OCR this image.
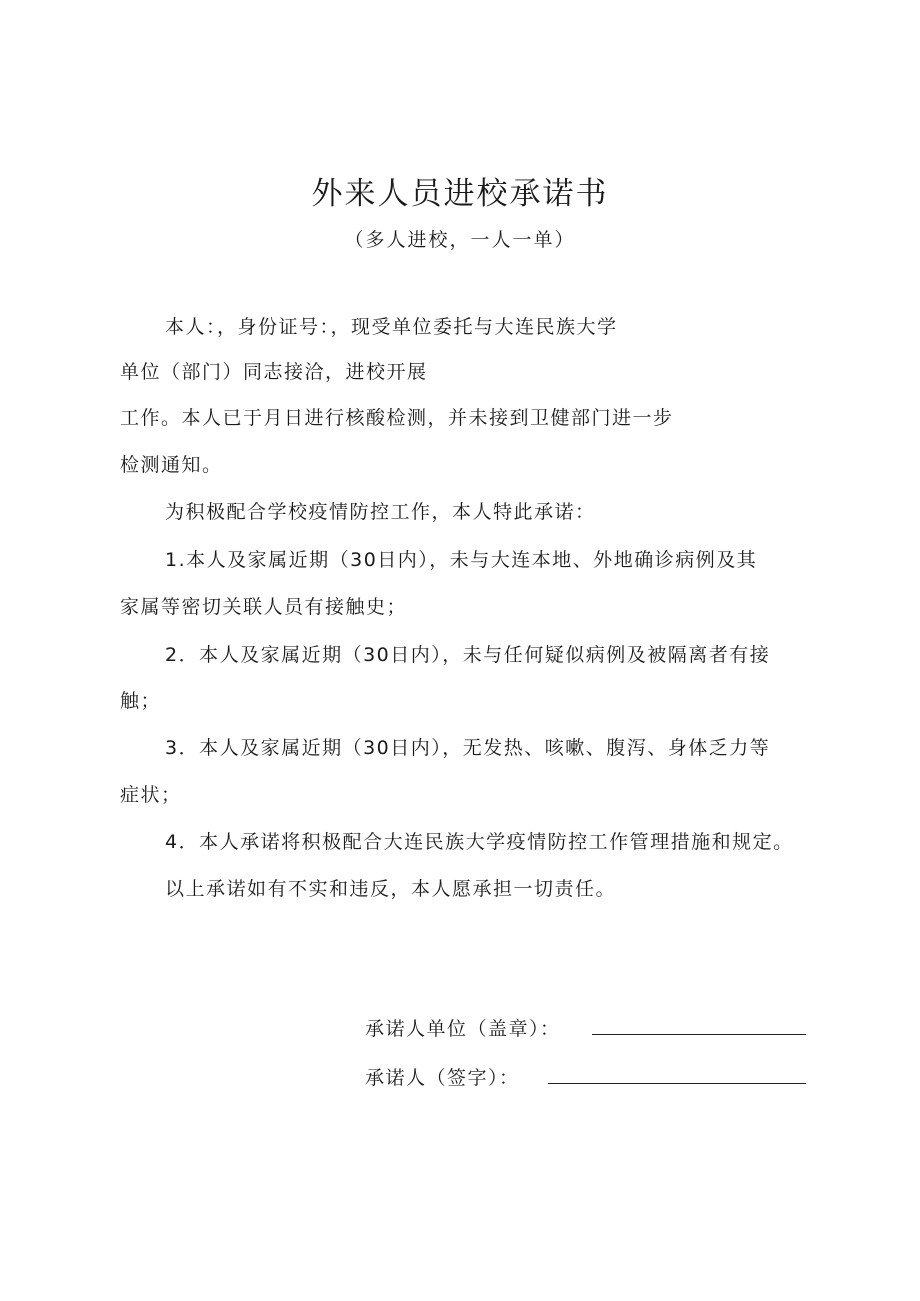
外来人员进校承诺书
（多人进校，一人一单）
本人：，身份证号：，现受单位委托与大连民族大学
单位（部门）同志接洽，进校开展
工作。本人已于月日进行核酸检测，并未接到卫健部门进一步
检测通知。
为积极配合学校疫情防控工作，本人特此承诺：
1.本人及家属近期（30日内），未与大连本地、外地确诊病例及其
家属等密切关联人员有接触史；
2．本人及家属近期（30日内），未与任何疑似病例及被隔离者有接
触；
3．本人及家属近期（30日内），无发热、咳嗽、腹泻、身体乏力等
症状；
4．本人承诺将积极配合大连民族大学疫情防控工作管理措施和规定。
以上承诺如有不实和违反，本人愿承担一切责任。
承诺人单位（盖章）：
承诺人（签字）：
